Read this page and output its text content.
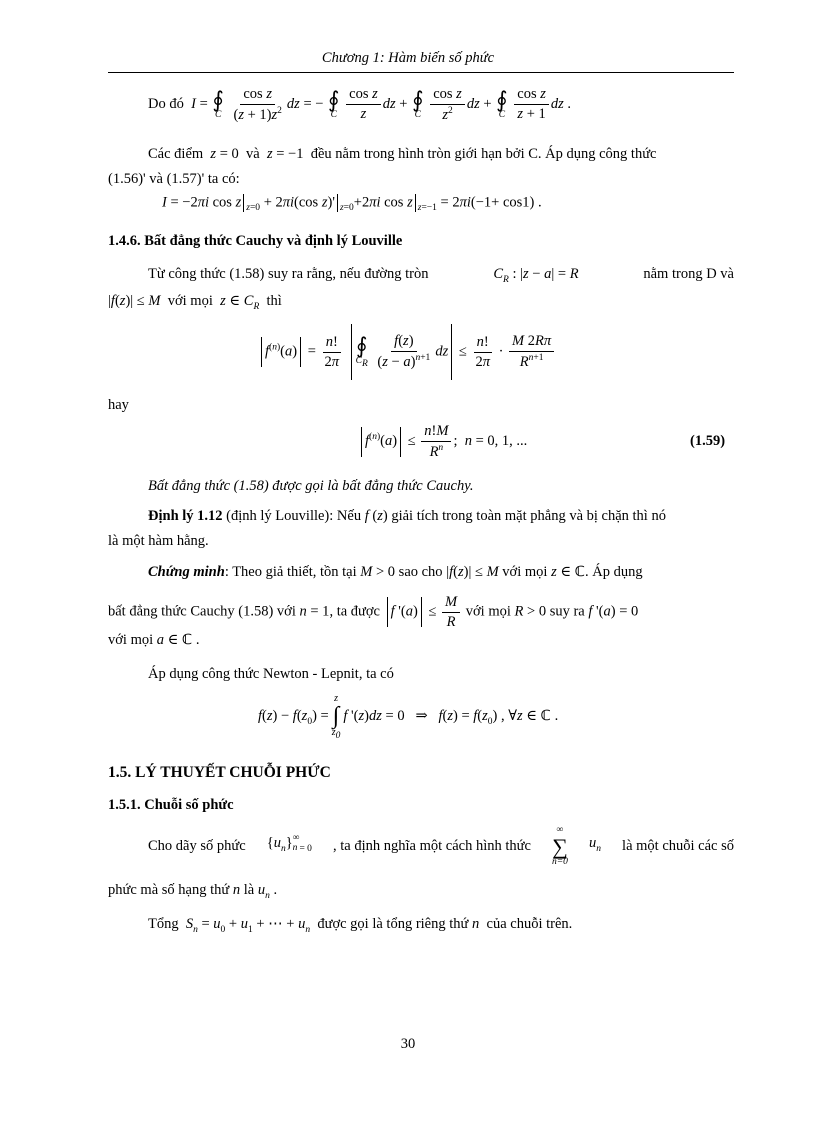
Chương 1: Hàm biến số phức
Do đó I = ∮
C
$\frac{\text{cos z}}{(z + 1)z^2}$ dz = − ∮
C
$\frac{\text{cos z}}{z}$ dz + ∮
C
$\frac{\text{cos z}}{z^2}$ dz + ∮
C
$\frac{\text{cos z}}{z + 1}$ dz .
Các điểm z = 0  và z = −1  đều nằm trong hình tròn giới hạn bởi C. Áp dụng công thức
(1.56)' và (1.57)' ta có:
I = −2πi cos z $_{z=0}$ + 2πi(cos z)' $_{z=0}$+2πi cos z $_{z=-1}$ = 2πi(−1+ cos1) .
1.4.6. Bất đẳng thức Cauchy và định lý Louville
Từ công thức (1.58) suy ra rằng, nếu đường tròn	$C_R$ : |z − a| = R	nằm trong D và
|f(z)| ≤ M với mọi z ∈ $C_R$ thì
$f^{(n)}(a) = \frac{n!}{2\pi}$
∮
$C_R$
$\frac{f(z)}{(z - a)^{n+1}}$ dz ≤ $\frac{n!}{2\pi} \cdot \frac{M 2R\pi}{R^{n+1}}$
hay
$f^{(n)}(a) \le \frac{n!M}{R^n}$ ;  n = 0, 1, ...	(1.59)
Bất đẳng thức (1.58) được gọi là bất đẳng thức Cauchy.
Định lý 1.12 (định lý Louville): Nếu f (z) giải tích trong toàn mặt phẳng và bị chặn thì nó
là một hàm hằng.
Chứng minh: Theo giả thiết, tồn tại M > 0 sao cho |f(z)| ≤ M với mọi z ∈ ℂ. Áp dụng
bất đẳng thức Cauchy (1.58) với n = 1, ta được f '$(a) \le \frac{M}{R}$ với mọi R > 0 suy ra f '(a) = 0
với mọi a ∈ ℂ .
Áp dụng công thức Newton - Lepnit, ta có
$f(z) - f(z_0)$ =
z
∫
$z_0$
f '(z)dz = 0   ⇒   $f(z) = f(z_0)$ , ∀z ∈ ℂ .
1.5. LÝ THUYẾT CHUỖI PHỨC
1.5.1. Chuỗi số phức
Cho dãy số phức $\{u_n\}$ ∞
n $_{= 0}$ , ta định nghĩa một cách hình thức
∞
∑
n=0
$u_n$ là một chuỗi các số
phức mà số hạng thứ n là $u_n$ .
Tổng $S_n = u_0 + u_1$ + ⋯ + $u_n$ được gọi là tổng riêng thứ n của chuỗi trên.
30
